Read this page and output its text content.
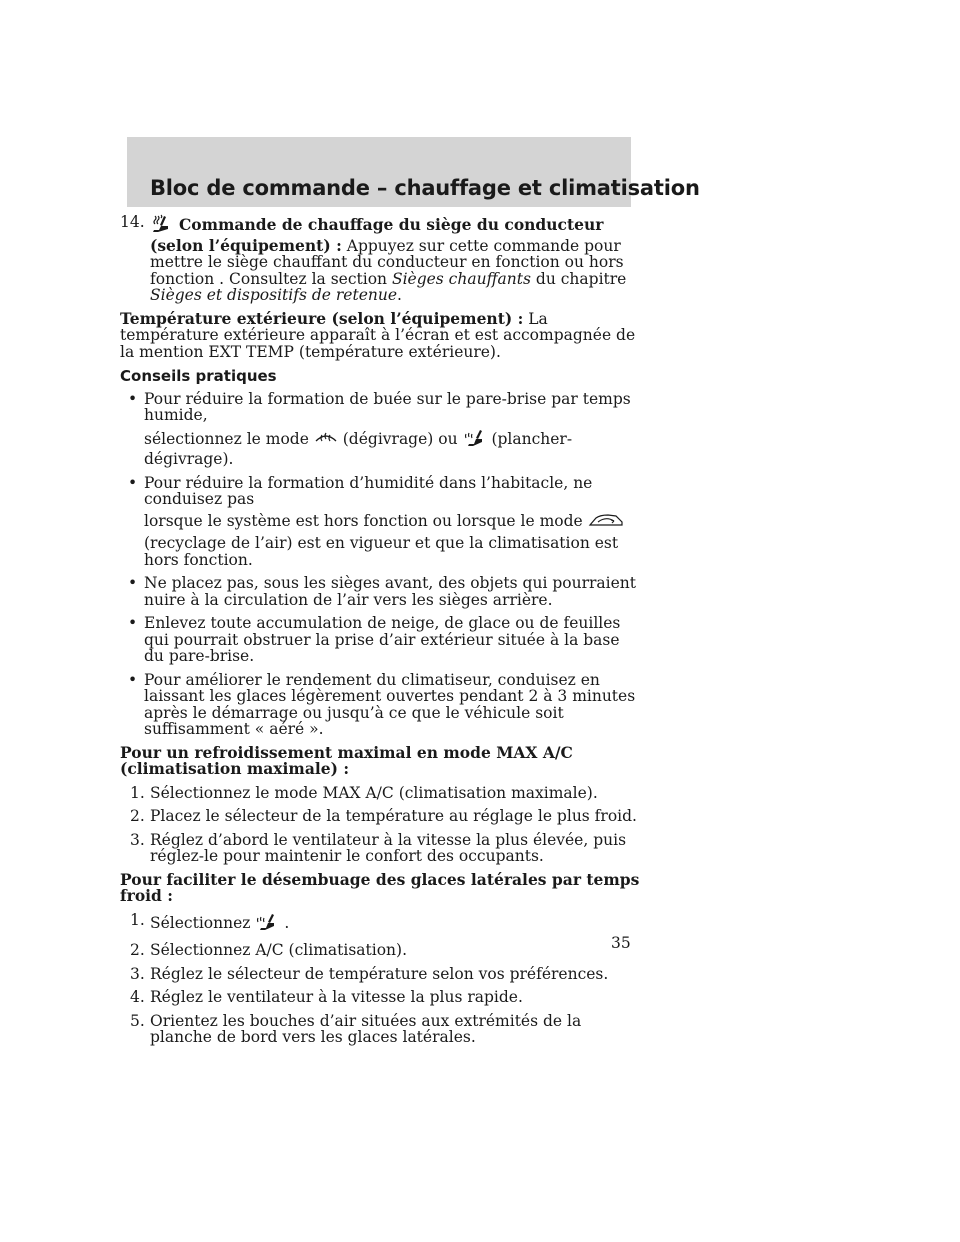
Bloc de commande – chauffage et climatisation
14. Commande de chauffage du siège du conducteur (selon l’équipement) : Appuyez sur cette commande pour mettre le siège chauffant du conducteur en fonction ou hors fonction . Consultez la section Sièges chauffants du chapitre Sièges et dispositifs de retenue.

Température extérieure (selon l’équipement) : La température extérieure apparaît à l’écran et est accompagnée de la mention EXT TEMP (température extérieure).

Conseils pratiques
• Pour réduire la formation de buée sur le pare-brise par temps humide,
sélectionnez le mode (dégivrage) ou (plancher-dégivrage).
• Pour réduire la formation d’humidité dans l’habitacle, ne conduisez pas
lorsque le système est hors fonction ou lorsque le mode
(recyclage de l’air) est en vigueur et que la climatisation est hors fonction.
• Ne placez pas, sous les sièges avant, des objets qui pourraient nuire à la circulation de l’air vers les sièges arrière.
• Enlevez toute accumulation de neige, de glace ou de feuilles qui pourrait obstruer la prise d’air extérieur située à la base du pare-brise.
• Pour améliorer le rendement du climatiseur, conduisez en laissant les glaces légèrement ouvertes pendant 2 à 3 minutes après le démarrage ou jusqu’à ce que le véhicule soit suffisamment « aéré ».

Pour un refroidissement maximal en mode MAX A/C (climatisation maximale) :

1. Sélectionnez le mode MAX A/C (climatisation maximale).
2. Placez le sélecteur de la température au réglage le plus froid.
3. Réglez d’abord le ventilateur à la vitesse la plus élevée, puis réglez-le pour maintenir le confort des occupants.

Pour faciliter le désembuage des glaces latérales par temps froid :

1. Sélectionnez .
2. Sélectionnez A/C (climatisation).
3. Réglez le sélecteur de température selon vos préférences.
4. Réglez le ventilateur à la vitesse la plus rapide.
5. Orientez les bouches d’air situées aux extrémités de la planche de bord vers les glaces latérales.
35
